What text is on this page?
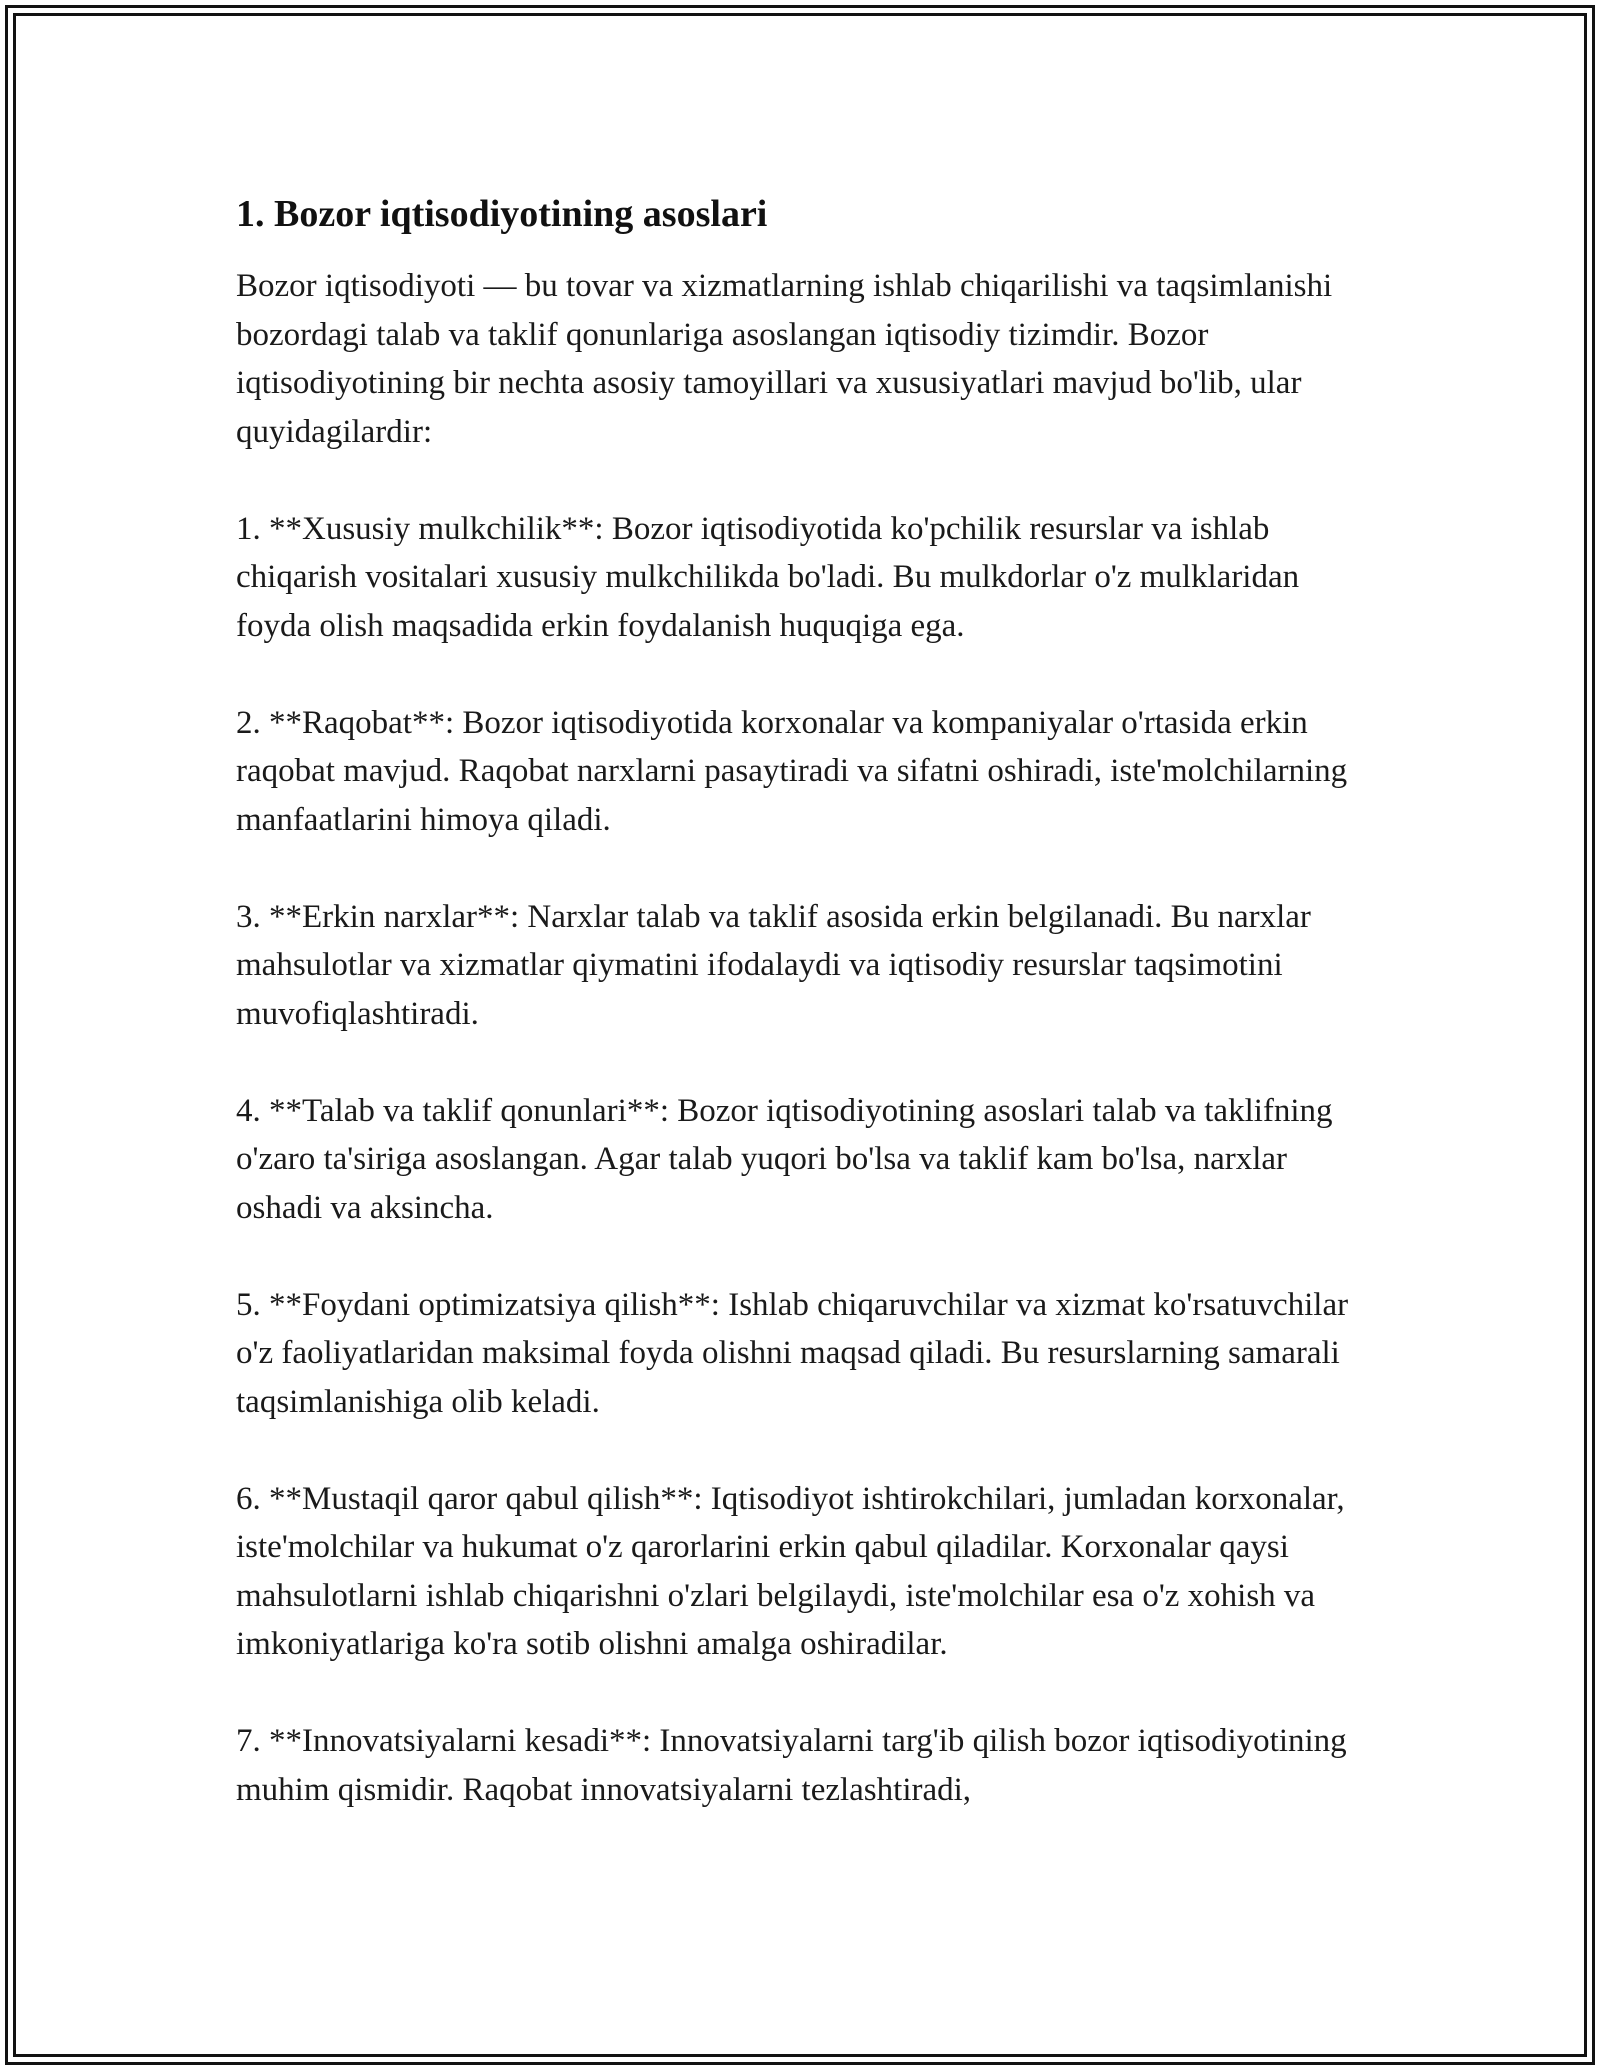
1. Bozor iqtisodiyotining asoslari

Bozor iqtisodiyoti — bu tovar va xizmatlarning ishlab chiqarilishi va taqsimlanishi bozordagi talab va taklif qonunlariga asoslangan iqtisodiy tizimdir. Bozor iqtisodiyotining bir nechta asosiy tamoyillari va xususiyatlari mavjud bo'lib, ular quyidagilardir:

1. **Xususiy mulkchilik**: Bozor iqtisodiyotida ko'pchilik resurslar va ishlab chiqarish vositalari xususiy mulkchilikda bo'ladi. Bu mulkdorlar o'z mulklaridan foyda olish maqsadida erkin foydalanish huquqiga ega.

2. **Raqobat**: Bozor iqtisodiyotida korxonalar va kompaniyalar o'rtasida erkin raqobat mavjud. Raqobat narxlarni pasaytiradi va sifatni oshiradi, iste'molchilarning manfaatlarini himoya qiladi.

3. **Erkin narxlar**: Narxlar talab va taklif asosida erkin belgilanadi. Bu narxlar mahsulotlar va xizmatlar qiymatini ifodalaydi va iqtisodiy resurslar taqsimotini muvofiqlashtiradi.

4. **Talab va taklif qonunlari**: Bozor iqtisodiyotining asoslari talab va taklifning o'zaro ta'siriga asoslangan. Agar talab yuqori bo'lsa va taklif kam bo'lsa, narxlar oshadi va aksincha.

5. **Foydani optimizatsiya qilish**: Ishlab chiqaruvchilar va xizmat ko'rsatuvchilar o'z faoliyatlaridan maksimal foyda olishni maqsad qiladi. Bu resurslarning samarali taqsimlanishiga olib keladi.

6. **Mustaqil qaror qabul qilish**: Iqtisodiyot ishtirokchilari, jumladan korxonalar, iste'molchilar va hukumat o'z qarorlarini erkin qabul qiladilar. Korxonalar qaysi mahsulotlarni ishlab chiqarishni o'zlari belgilaydi, iste'molchilar esa o'z xohish va imkoniyatlariga ko'ra sotib olishni amalga oshiradilar.

7. **Innovatsiyalarni kesadi**: Innovatsiyalarni targ'ib qilish bozor iqtisodiyotining muhim qismidir. Raqobat innovatsiyalarni tezlashtiradi,
